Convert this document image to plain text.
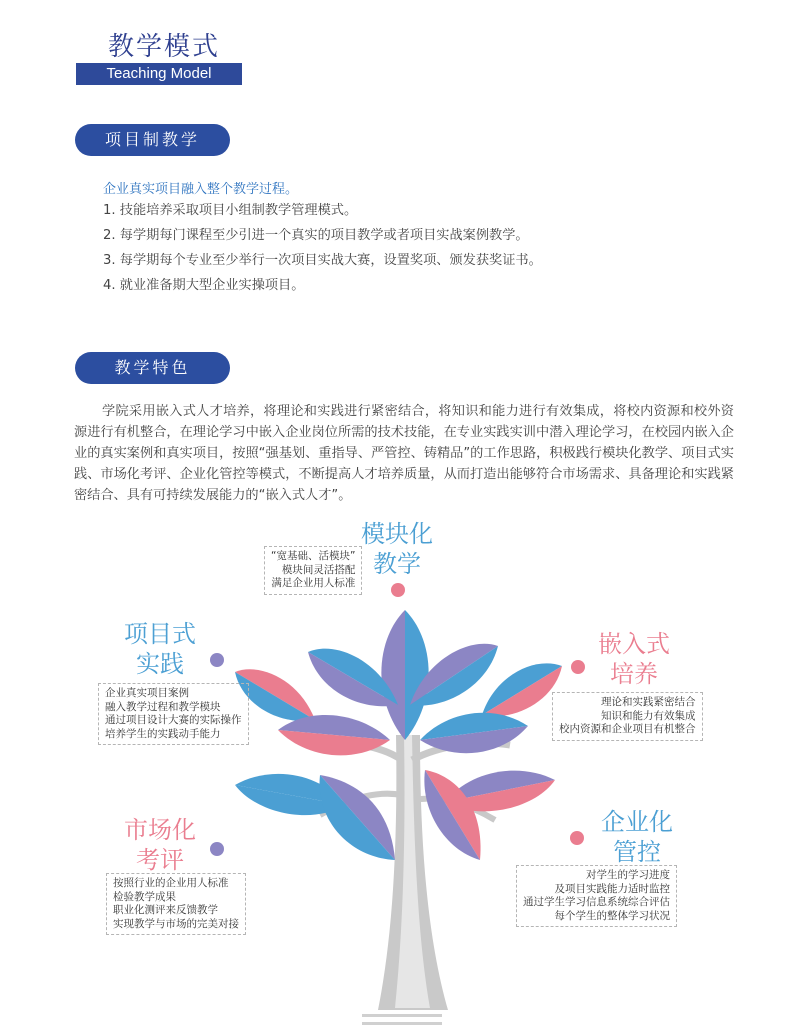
教学模式
Teaching Model
项目制教学
企业真实项目融入整个教学过程。
1. 技能培养采取项目小组制教学管理模式。
2. 每学期每门课程至少引进一个真实的项目教学或者项目实战案例教学。
3. 每学期每个专业至少举行一次项目实战大赛，设置奖项、颁发获奖证书。
4. 就业准备期大型企业实操项目。
教学特色

学院采用嵌入式人才培养，将理论和实践进行紧密结合，将知识和能力进行有效集成，将校内资源和校外资源进行有机整合，在理论学习中嵌入企业岗位所需的技术技能，在专业实践实训中潜入理论学习，在校园内嵌入企业的真实案例和真实项目，按照“强基划、重指导、严管控、铸精品”的工作思路，积极践行模块化教学、项目式实践、市场化考评、企业化管控等模式，不断提高人才培养质量，从而打造出能够符合市场需求、具备理论和实践紧密结合、具有可持续发展能力的“嵌入式人才”。

模块化
教学
“宽基础、活模块”
模块间灵活搭配
满足企业用人标准
项目式
实践
企业真实项目案例
融入教学过程和教学模块
通过项目设计大赛的实际操作
培养学生的实践动手能力
嵌入式
培养
理论和实践紧密结合
知识和能力有效集成
校内资源和企业项目有机整合
市场化
考评
按照行业的企业用人标准
检验教学成果
职业化测评来反馈教学
实现教学与市场的完美对接
企业化
管控
对学生的学习进度
及项目实践能力适时监控
通过学生学习信息系统综合评估
每个学生的整体学习状况
